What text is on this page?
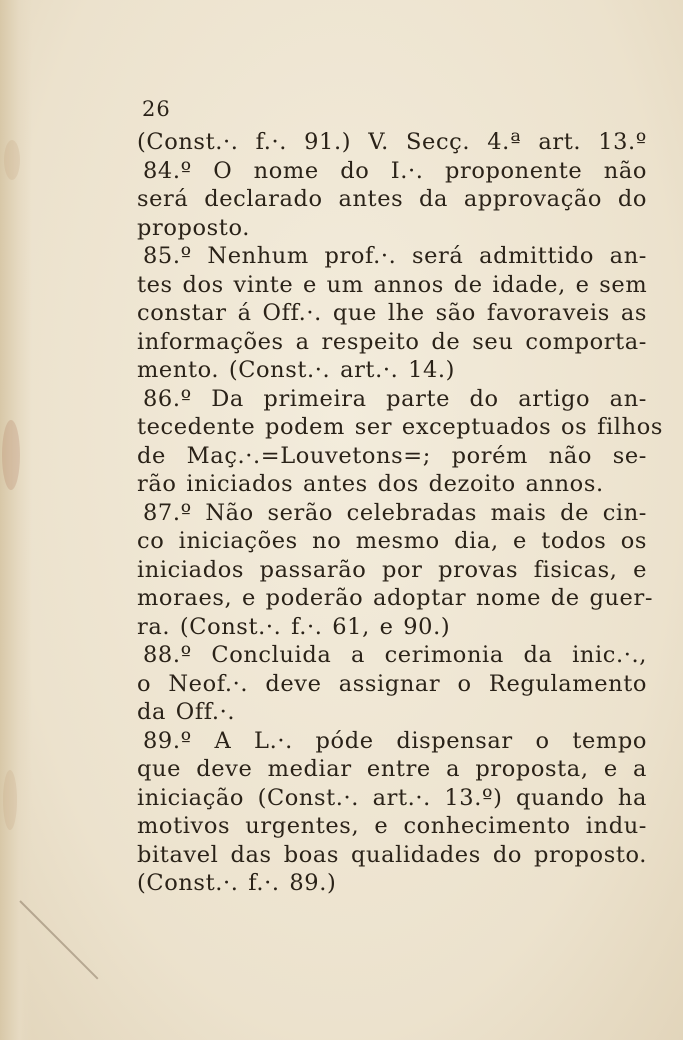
26
(Const.·. f.·. 91.) V. Secç. 4.ª art. 13.º
84.º O nome do I.·. proponente não
será declarado antes da approvação do
proposto.
85.º Nenhum prof.·. será admittido an-
tes dos vinte e um annos de idade, e sem
constar á Off.·. que lhe são favoraveis as
informações a respeito de seu comporta-
mento. (Const.·. art.·. 14.)
86.º Da primeira parte do artigo an-
tecedente podem ser exceptuados os filhos
de Maç.·.=Louvetons=; porém não se-
rão iniciados antes dos dezoito annos.
87.º Não serão celebradas mais de cin-
co iniciações no mesmo dia, e todos os
iniciados passarão por provas fisicas, e
moraes, e poderão adoptar nome de guer-
ra. (Const.·. f.·. 61, e 90.)
88.º Concluida a cerimonia da inic.·.,
o Neof.·. deve assignar o Regulamento
da Off.·.
89.º A L.·. póde dispensar o tempo
que deve mediar entre a proposta, e a
iniciação (Const.·. art.·. 13.º) quando ha
motivos urgentes, e conhecimento indu-
bitavel das boas qualidades do proposto.
(Const.·. f.·. 89.)
